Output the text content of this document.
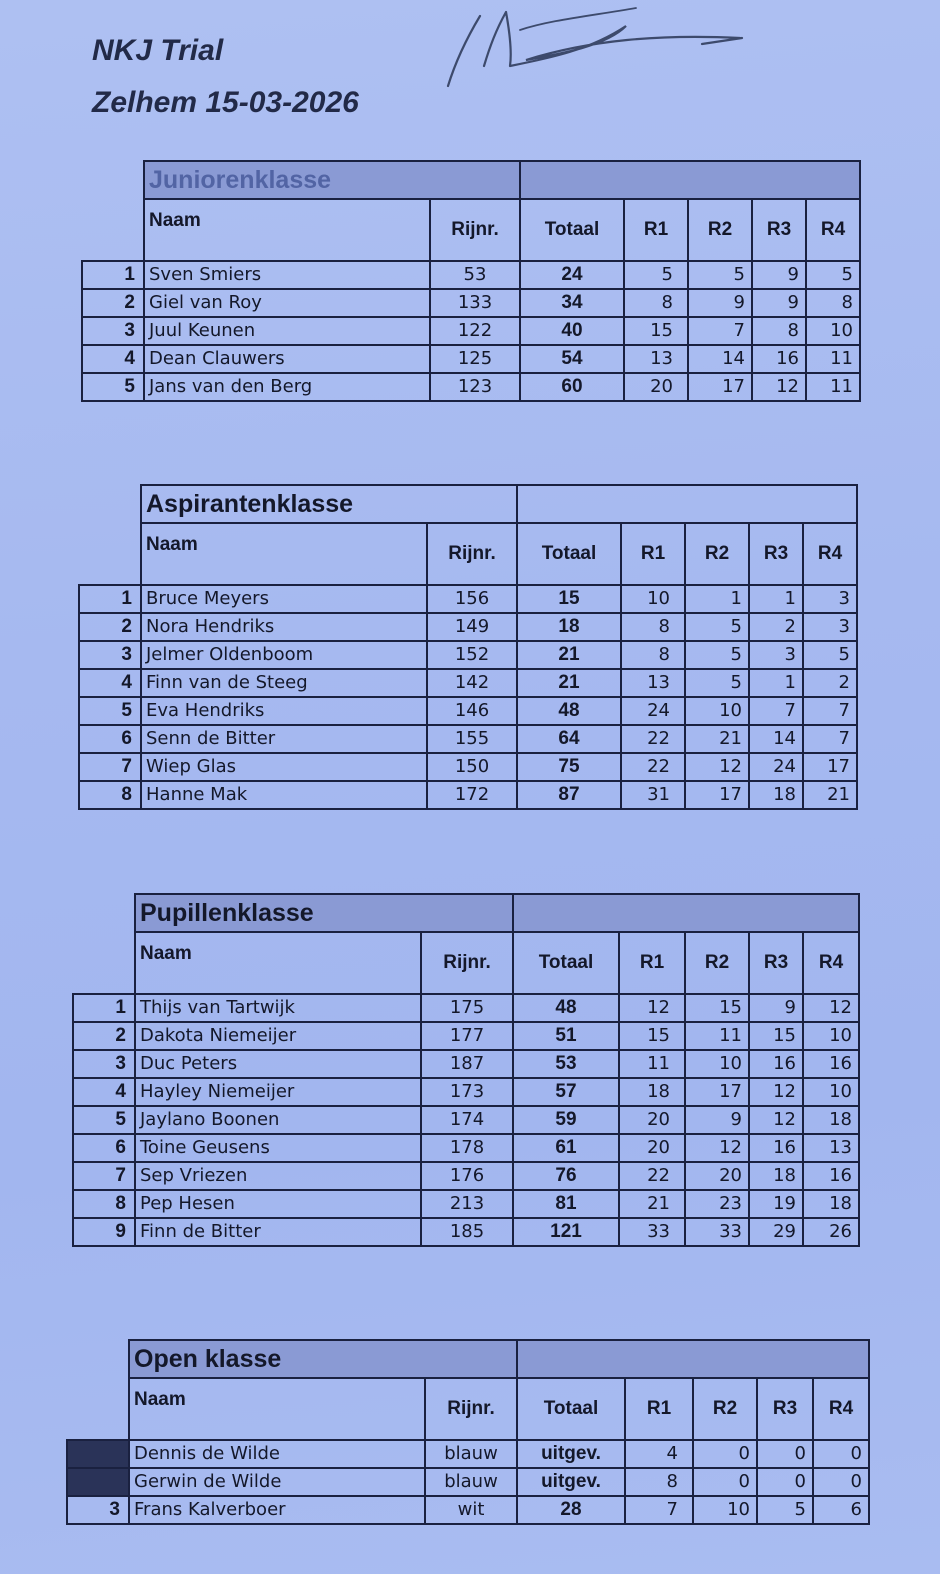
NKJ Trial
Zelhem 15-03-2026
	Juniorenklasse						
	Naam	Rijnr.	Totaal	R1	R2	R3	R4
1	Sven Smiers	53	24	5	5	9	5
2	Giel van Roy	133	34	8	9	9	8
3	Juul Keunen	122	40	15	7	8	10
4	Dean Clauwers	125	54	13	14	16	11
5	Jans van den Berg	123	60	20	17	12	11
	Aspirantenklasse						
	Naam	Rijnr.	Totaal	R1	R2	R3	R4
1	Bruce Meyers	156	15	10	1	1	3
2	Nora Hendriks	149	18	8	5	2	3
3	Jelmer Oldenboom	152	21	8	5	3	5
4	Finn van de Steeg	142	21	13	5	1	2
5	Eva Hendriks	146	48	24	10	7	7
6	Senn de Bitter	155	64	22	21	14	7
7	Wiep Glas	150	75	22	12	24	17
8	Hanne Mak	172	87	31	17	18	21
	Pupillenklasse						
	Naam	Rijnr.	Totaal	R1	R2	R3	R4
1	Thijs van Tartwijk	175	48	12	15	9	12
2	Dakota Niemeijer	177	51	15	11	15	10
3	Duc Peters	187	53	11	10	16	16
4	Hayley Niemeijer	173	57	18	17	12	10
5	Jaylano Boonen	174	59	20	9	12	18
6	Toine Geusens	178	61	20	12	16	13
7	Sep Vriezen	176	76	22	20	18	16
8	Pep Hesen	213	81	21	23	19	18
9	Finn de Bitter	185	121	33	33	29	26
	Open klasse						
	Naam	Rijnr.	Totaal	R1	R2	R3	R4
	Dennis de Wilde	blauw	uitgev.	4	0	0	0
	Gerwin de Wilde	blauw	uitgev.	8	0	0	0
3	Frans Kalverboer	wit	28	7	10	5	6
